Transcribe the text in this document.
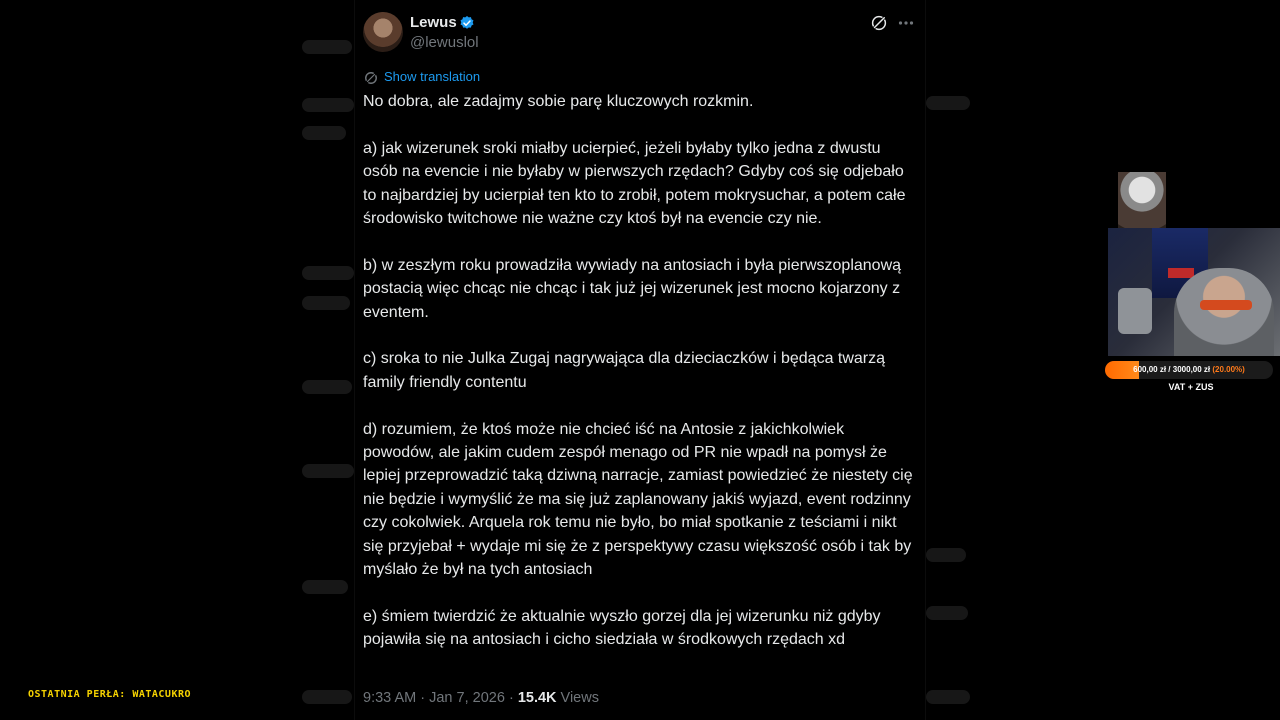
Lewus
@lewuslol
Show translation

No dobra, ale zadajmy sobie parę kluczowych rozkmin.

a) jak wizerunek sroki miałby ucierpieć, jeżeli byłaby tylko jedna z dwustu osób na evencie i nie byłaby w pierwszych rzędach? Gdyby coś się odjebało to najbardziej by ucierpiał ten kto to zrobił, potem mokrysuchar, a potem całe środowisko twitchowe nie ważne czy ktoś był na evencie czy nie.

b) w zeszłym roku prowadziła wywiady na antosiach i była pierwszoplanową postacią więc chcąc nie chcąc i tak już jej wizerunek jest mocno kojarzony z eventem.

c) sroka to nie Julka Zugaj nagrywająca dla dzieciaczków i będąca twarzą family friendly contentu

d) rozumiem, że ktoś może nie chcieć iść na Antosie z jakichkolwiek powodów, ale jakim cudem zespół menago od PR nie wpadł na pomysł że lepiej przeprowadzić taką dziwną narracje, zamiast powiedzieć że niestety cię nie będzie i wymyślić że ma się już zaplanowany jakiś wyjazd, event rodzinny czy cokolwiek. Arquela rok temu nie było, bo miał spotkanie z teściami i nikt się przyjebał + wydaje mi się że z perspektywy czasu większość osób i tak by myślało że był na tych antosiach

e) śmiem twierdzić że aktualnie wyszło gorzej dla jej wizerunku niż gdyby pojawiła się na antosiach i cicho siedziała w środkowych rzędach xd

9:33 AM · Jan 7, 2026 · 15.4K Views
600,00 zł / 3000,00 zł (20.00%)
VAT + ZUS
OSTATNIA PERŁA: WATACUKRO
